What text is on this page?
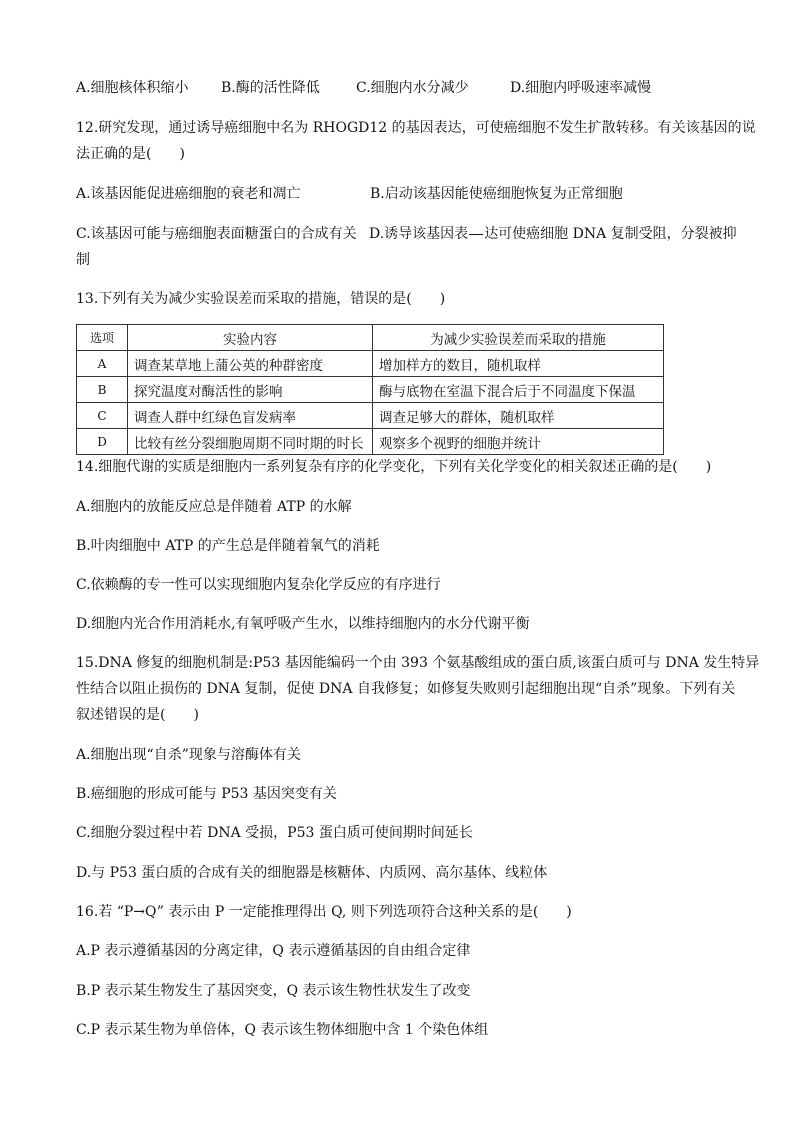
A.细胞核体积缩小 B.酶的活性降低	C.细胞内水分减少	D.细胞内呼吸速率减慢
12.研究发现，通过诱导癌细胞中名为 RHOGD12 的基因表达，可使癌细胞不发生扩散转移。有关该基因的说
法正确的是(　　)
A.该基因能促进癌细胞的衰老和凋亡	B.启动该基因能使癌细胞恢复为正常细胞
C.该基因可能与癌细胞表面糖蛋白的合成有关 D.诱导该基因表 达可使癌细胞 DNA 复制受阻，分裂被抑
制
13.下列有关为减少实验误差而采取的措施，错误的是(　　)
选项	实验内容	为减少实验误差而采取的措施
A	调查某草地上蒲公英的种群密度	增加样方的数目，随机取样
B	探究温度对酶活性的影响	酶与底物在室温下混合后于不同温度下保温
C	调查人群中红绿色盲发病率	调查足够大的群体，随机取样
D	比较有丝分裂细胞周期不同时期的时长	观察多个视野的细胞并统计
14.细胞代谢的实质是细胞内一系列复杂有序的化学变化，下列有关化学变化的相关叙述正确的是(　　)
A.细胞内的放能反应总是伴随着 ATP 的水解
B.叶肉细胞中 ATP 的产生总是伴随着氧气的消耗
C.依赖酶的专一性可以实现细胞内复杂化学反应的有序进行
D.细胞内光合作用消耗水,有氧呼吸产生水，以维持细胞内的水分代谢平衡
15.DNA 修复的细胞机制是:P53 基因能编码一个由 393 个氨基酸组成的蛋白质,该蛋白质可与 DNA 发生特异
性结合以阻止损伤的 DNA 复制，促使 DNA 自我修复；如修复失败则引起细胞出现“自杀”现象。下列有关
叙述错误的是(　　)
A.细胞出现“自杀”现象与溶酶体有关
B.癌细胞的形成可能与 P53 基因突变有关
C.细胞分裂过程中若 DNA 受损，P53 蛋白质可使间期时间延长
D.与 P53 蛋白质的合成有关的细胞器是核糖体、内质网、高尔基体、线粒体
16.若 “P→Q” 表示由 P 一定能推理得出 Q, 则下列选项符合这种关系的是(　　)
A.P 表示遵循基因的分离定律，Q 表示遵循基因的自由组合定律
B.P 表示某生物发生了基因突变，Q 表示该生物性状发生了改变
C.P 表示某生物为单倍体，Q 表示该生物体细胞中含 1 个染色体组
